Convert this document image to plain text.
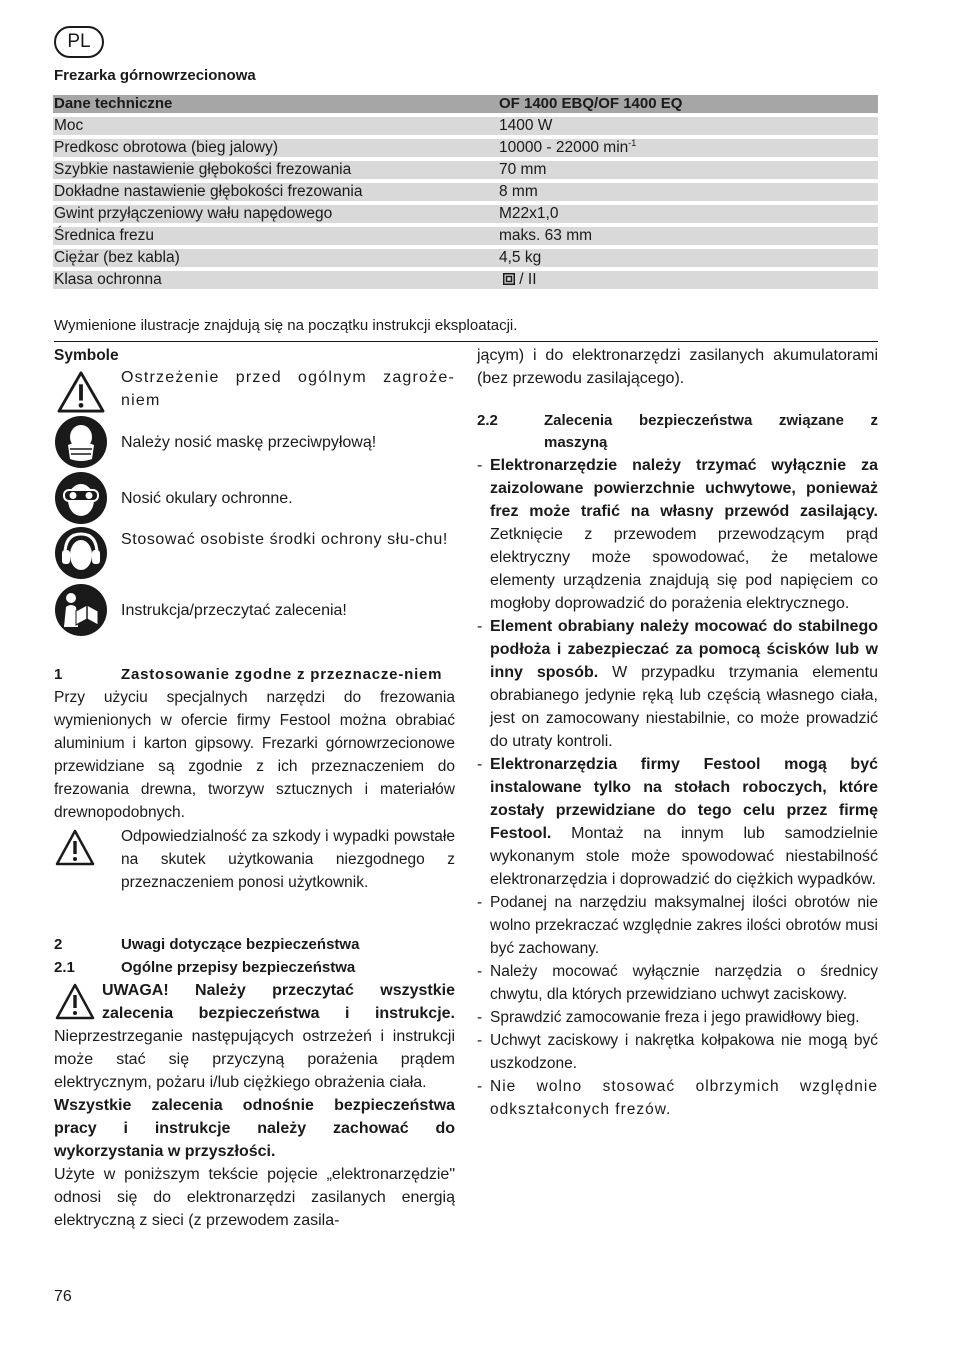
PL
Frezarka górnowrzecionowa
Dane techniczne	OF 1400 EBQ/OF 1400 EQ
Moc	1400 W
Predkosc obrotowa (bieg jalowy)	10000 - 22000 $\min^{-1}$
Szybkie nastawienie głębokości frezowania	70 mm
Dokładne nastawienie głębokości frezowania	8 mm
Gwint przyłączeniowy wału napędowego	M22x1,0
Średnica frezu	maks. 63 mm
Ciężar (bez kabla)	4,5 kg
Klasa ochronna	/ II
Wymienione ilustracje znajdują się na początku instrukcji eksploatacji.
Symbole

Ostrzeżenie przed ogólnym zagroże-niem

Należy nosić maskę przeciwpyłową!

Nosić okulary ochronne.

Stosować osobiste środki ochrony słu-chu!

Instrukcja/przeczytać zalecenia!

1	Zastosowanie zgodne z przeznacze-niem

Przy użyciu specjalnych narzędzi do frezowania wymienionych w ofercie firmy Festool można obrabiać aluminium i karton gipsowy. Frezarki górnowrzecionowe przewidziane są zgodnie z ich przeznaczeniem do frezowania drewna, tworzyw sztucznych i materiałów drewnopodobnych.

Odpowiedzialność za szkody i wypadki powstałe na skutek użytkowania niezgodnego z przeznaczeniem ponosi użytkownik.

2	Uwagi dotyczące bezpieczeństwa
2.1	Ogólne przepisy bezpieczeństwa

UWAGA! Należy przeczytać wszystkie zalecenia bezpieczeństwa i instrukcje. Nieprzestrzeganie następujących ostrzeżeń i instrukcji może stać się przyczyną porażenia prądem elektrycznym, pożaru i/lub ciężkiego obrażenia ciała.

Wszystkie zalecenia odnośnie bezpieczeństwa pracy i instrukcje należy zachować do wykorzystania w przyszłości.

Użyte w poniższym tekście pojęcie „elektronarzędzie" odnosi się do elektronarzędzi zasilanych energią elektryczną z sieci (z przewodem zasila-

jącym) i do elektronarzędzi zasilanych akumulatorami (bez przewodu zasilającego).

2.2	Zalecenia bezpieczeństwa związane z maszyną
- Elektronarzędzie należy trzymać wyłącznie za zaizolowane powierzchnie uchwytowe, ponieważ frez może trafić na własny przewód zasilający. Zetknięcie z przewodem przewodzącym prąd elektryczny może spowodować, że metalowe elementy urządzenia znajdują się pod napięciem co mogłoby doprowadzić do porażenia elektrycznego.

- Element obrabiany należy mocować do stabilnego podłoża i zabezpieczać za pomocą ścisków lub w inny sposób. W przypadku trzymania elementu obrabianego jedynie ręką lub częścią własnego ciała, jest on zamocowany niestabilnie, co może prowadzić do utraty kontroli.

- Elektronarzędzia firmy Festool mogą być instalowane tylko na stołach roboczych, które zostały przewidziane do tego celu przez firmę Festool. Montaż na innym lub samodzielnie wykonanym stole może spowodować niestabilność elektronarzędzia i doprowadzić do ciężkich wypadków.

- Podanej na narzędziu maksymalnej ilości obrotów nie wolno przekraczać względnie zakres ilości obrotów musi być zachowany.

- Należy mocować wyłącznie narzędzia o średnicy chwytu, dla których przewidziano uchwyt zaciskowy.

- Sprawdzić zamocowanie freza i jego prawidłowy bieg.

- Uchwyt zaciskowy i nakrętka kołpakowa nie mogą być uszkodzone.

- Nie wolno stosować olbrzymich względnie odkształconych frezów.

76
